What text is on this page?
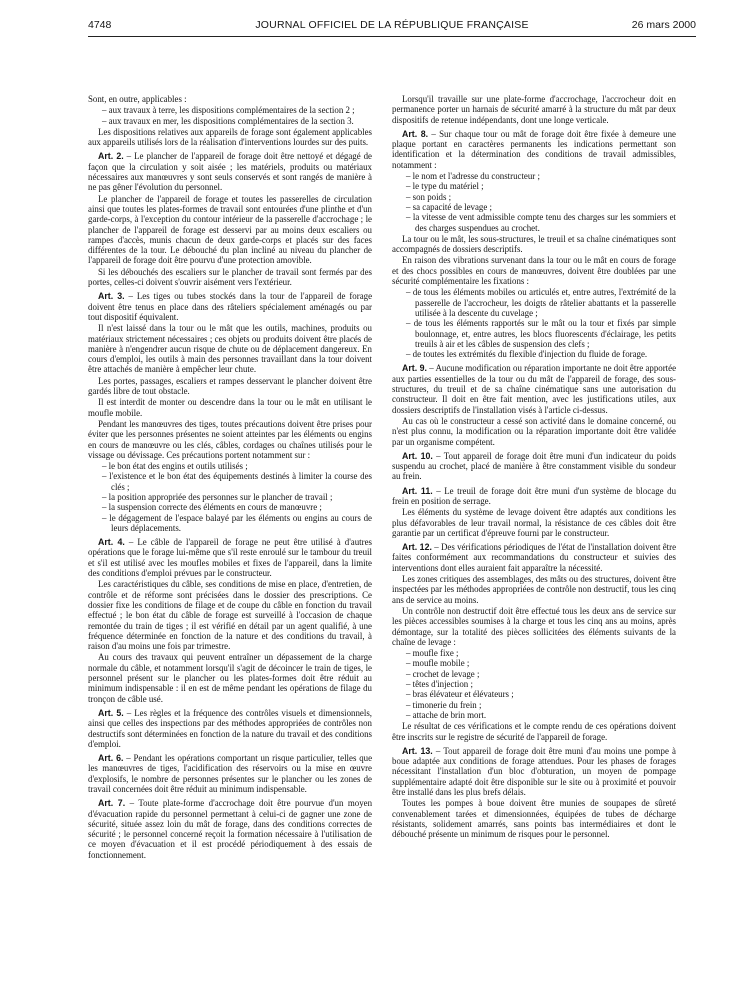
4748	JOURNAL OFFICIEL DE LA RÉPUBLIQUE FRANÇAISE	26 mars 2000

Sont, en outre, applicables :

– aux travaux à terre, les dispositions complémentaires de la section 2 ;
– aux travaux en mer, les dispositions complémentaires de la section 3.

Les dispositions relatives aux appareils de forage sont également applicables aux appareils utilisés lors de la réalisation d'interventions lourdes sur des puits.

Art. 2. – Le plancher de l'appareil de forage doit être nettoyé et dégagé de façon que la circulation y soit aisée ; les matériels, produits ou matériaux nécessaires aux manœuvres y sont seuls conservés et sont rangés de manière à ne pas gêner l'évolution du personnel.

Le plancher de l'appareil de forage et toutes les passerelles de circulation ainsi que toutes les plates-formes de travail sont entourées d'une plinthe et d'un garde-corps, à l'exception du contour intérieur de la passerelle d'accrochage ; le plancher de l'appareil de forage est desservi par au moins deux escaliers ou rampes d'accès, munis chacun de deux garde-corps et placés sur des faces différentes de la tour. Le débouché du plan incliné au niveau du plancher de l'appareil de forage doit être pourvu d'une protection amovible.

Si les débouchés des escaliers sur le plancher de travail sont fermés par des portes, celles-ci doivent s'ouvrir aisément vers l'extérieur.

Art. 3. – Les tiges ou tubes stockés dans la tour de l'appareil de forage doivent être tenus en place dans des râteliers spécialement aménagés ou par tout dispositif équivalent.

Il n'est laissé dans la tour ou le mât que les outils, machines, produits ou matériaux strictement nécessaires ; ces objets ou produits doivent être placés de manière à n'engendrer aucun risque de chute ou de déplacement dangereux. En cours d'emploi, les outils à main des personnes travaillant dans la tour doivent être attachés de manière à empêcher leur chute.

Les portes, passages, escaliers et rampes desservant le plancher doivent être gardés libre de tout obstacle.

Il est interdit de monter ou descendre dans la tour ou le mât en utilisant le moufle mobile.

Pendant les manœuvres des tiges, toutes précautions doivent être prises pour éviter que les personnes présentes ne soient atteintes par les éléments ou engins en cours de manœuvre ou les clés, câbles, cordages ou chaînes utilisés pour le vissage ou dévissage. Ces précautions portent notamment sur :

– le bon état des engins et outils utilisés ;
– l'existence et le bon état des équipements destinés à limiter la course des clés ;
– la position appropriée des personnes sur le plancher de travail ;
– la suspension correcte des éléments en cours de manœuvre ;
– le dégagement de l'espace balayé par les éléments ou engins au cours de leurs déplacements.

Art. 4. – Le câble de l'appareil de forage ne peut être utilisé à d'autres opérations que le forage lui-même que s'il reste enroulé sur le tambour du treuil et s'il est utilisé avec les moufles mobiles et fixes de l'appareil, dans la limite des conditions d'emploi prévues par le constructeur.

Les caractéristiques du câble, ses conditions de mise en place, d'entretien, de contrôle et de réforme sont précisées dans le dossier des prescriptions. Ce dossier fixe les conditions de filage et de coupe du câble en fonction du travail effectué ; le bon état du câble de forage est surveillé à l'occasion de chaque remontée du train de tiges ; il est vérifié en détail par un agent qualifié, à une fréquence déterminée en fonction de la nature et des conditions du travail, à raison d'au moins une fois par trimestre.

Au cours des travaux qui peuvent entraîner un dépassement de la charge normale du câble, et notamment lorsqu'il s'agit de décoincer le train de tiges, le personnel présent sur le plancher ou les plates-formes doit être réduit au minimum indispensable : il en est de même pendant les opérations de filage du tronçon de câble usé.

Art. 5. – Les règles et la fréquence des contrôles visuels et dimensionnels, ainsi que celles des inspections par des méthodes appropriées de contrôles non destructifs sont déterminées en fonction de la nature du travail et des conditions d'emploi.

Art. 6. – Pendant les opérations comportant un risque particulier, telles que les manœuvres de tiges, l'acidification des réservoirs ou la mise en œuvre d'explosifs, le nombre de personnes présentes sur le plancher ou les zones de travail concernées doit être réduit au minimum indispensable.

Art. 7. – Toute plate-forme d'accrochage doit être pourvue d'un moyen d'évacuation rapide du personnel permettant à celui-ci de gagner une zone de sécurité, située assez loin du mât de forage, dans des conditions correctes de sécurité ; le personnel concerné reçoit la formation nécessaire à l'utilisation de ce moyen d'évacuation et il est procédé périodiquement à des essais de fonctionnement.

Lorsqu'il travaille sur une plate-forme d'accrochage, l'accrocheur doit en permanence porter un harnais de sécurité amarré à la structure du mât par deux dispositifs de retenue indépendants, dont une longe verticale.

Art. 8. – Sur chaque tour ou mât de forage doit être fixée à demeure une plaque portant en caractères permanents les indications permettant son identification et la détermination des conditions de travail admissibles, notamment :

– le nom et l'adresse du constructeur ;
– le type du matériel ;
– son poids ;
– sa capacité de levage ;
– la vitesse de vent admissible compte tenu des charges sur les sommiers et des charges suspendues au crochet.

La tour ou le mât, les sous-structures, le treuil et sa chaîne cinématiques sont accompagnés de dossiers descriptifs.

En raison des vibrations survenant dans la tour ou le mât en cours de forage et des chocs possibles en cours de manœuvres, doivent être doublées par une sécurité complémentaire les fixations :

– de tous les éléments mobiles ou articulés et, entre autres, l'extrémité de la passerelle de l'accrocheur, les doigts de râtelier abattants et la passerelle utilisée à la descente du cuvelage ;
– de tous les éléments rapportés sur le mât ou la tour et fixés par simple boulonnage, et, entre autres, les blocs fluorescents d'éclairage, les petits treuils à air et les câbles de suspension des clefs ;
– de toutes les extrémités du flexible d'injection du fluide de forage.

Art. 9. – Aucune modification ou réparation importante ne doit être apportée aux parties essentielles de la tour ou du mât de l'appareil de forage, des sous-structures, du treuil et de sa chaîne cinématique sans une autorisation du constructeur. Il doit en être fait mention, avec les justifications utiles, aux dossiers descriptifs de l'installation visés à l'article ci-dessus.

Au cas où le constructeur a cessé son activité dans le domaine concerné, ou n'est plus connu, la modification ou la réparation importante doit être validée par un organisme compétent.

Art. 10. – Tout appareil de forage doit être muni d'un indicateur du poids suspendu au crochet, placé de manière à être constamment visible du sondeur au frein.

Art. 11. – Le treuil de forage doit être muni d'un système de blocage du frein en position de serrage.

Les éléments du système de levage doivent être adaptés aux conditions les plus défavorables de leur travail normal, la résistance de ces câbles doit être garantie par un certificat d'épreuve fourni par le constructeur.

Art. 12. – Des vérifications périodiques de l'état de l'installation doivent être faites conformément aux recommandations du constructeur et suivies des interventions dont elles auraient fait apparaître la nécessité.

Les zones critiques des assemblages, des mâts ou des structures, doivent être inspectées par les méthodes appropriées de contrôle non destructif, tous les cinq ans de service au moins.

Un contrôle non destructif doit être effectué tous les deux ans de service sur les pièces accessibles soumises à la charge et tous les cinq ans au moins, après démontage, sur la totalité des pièces sollicitées des éléments suivants de la chaîne de levage :

– moufle fixe ;
– moufle mobile ;
– crochet de levage ;
– têtes d'injection ;
– bras élévateur et élévateurs ;
– timonerie du frein ;
– attache de brin mort.

Le résultat de ces vérifications et le compte rendu de ces opérations doivent être inscrits sur le registre de sécurité de l'appareil de forage.

Art. 13. – Tout appareil de forage doit être muni d'au moins une pompe à boue adaptée aux conditions de forage attendues. Pour les phases de forages nécessitant l'installation d'un bloc d'obturation, un moyen de pompage supplémentaire adapté doit être disponible sur le site ou à proximité et pouvoir être installé dans les plus brefs délais.

Toutes les pompes à boue doivent être munies de soupapes de sûreté convenablement tarées et dimensionnées, équipées de tubes de décharge résistants, solidement amarrés, sans points bas intermédiaires et dont le débouché présente un minimum de risques pour le personnel.
